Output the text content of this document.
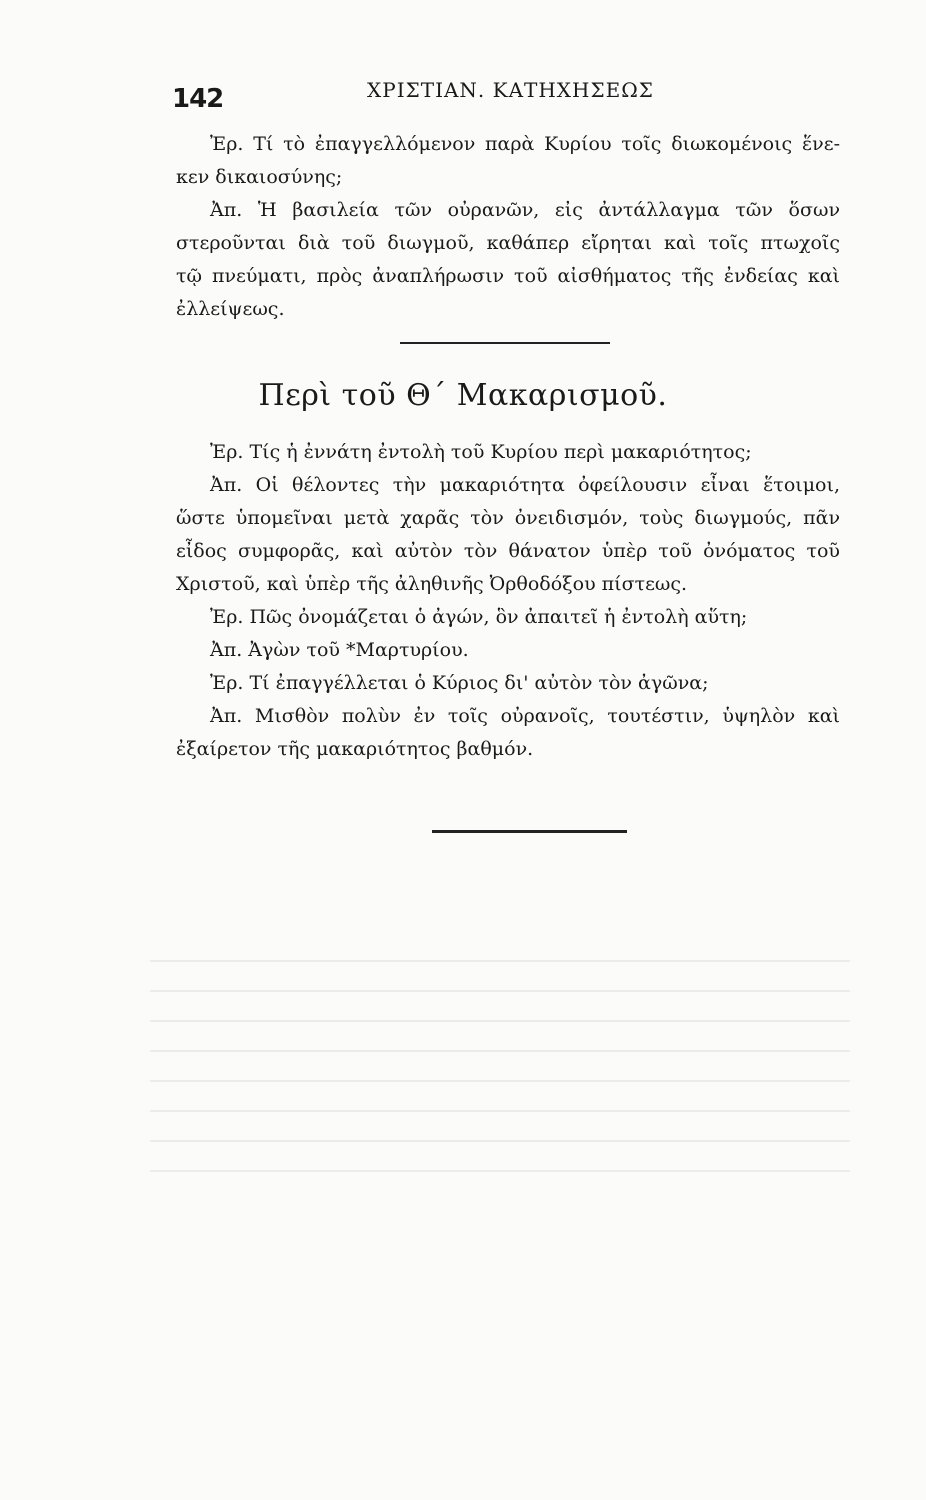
142	ΧΡΙΣΤΙΑΝ. ΚΑΤΗΧΗΣΕΩΣ
Ἐρ. Τί τὸ ἐπαγγελλόμενον παρὰ Κυρίου τοῖς διωκομένοις ἕνε-
κεν δικαιοσύνης;
Ἀπ. Ἡ βασιλεία τῶν οὐρανῶν, εἰς ἀντάλλαγμα τῶν ὅσων
στεροῦνται διὰ τοῦ διωγμοῦ, καθάπερ εἴρηται καὶ τοῖς πτωχοῖς
τῷ πνεύματι, πρὸς ἀναπλήρωσιν τοῦ αἰσθήματος τῆς ἐνδείας καὶ
ἐλλείψεως.
Περὶ τοῦ Θ΄ Μακαρισμοῦ.
Ἐρ. Τίς ἡ ἐννάτη ἐντολὴ τοῦ Κυρίου περὶ μακαριότητος;
Ἀπ. Οἱ θέλοντες τὴν μακαριότητα ὀφείλουσιν εἶναι ἕτοιμοι,
ὥστε ὑπομεῖναι μετὰ χαρᾶς τὸν ὀνειδισμόν, τοὺς διωγμούς, πᾶν
εἶδος συμφορᾶς, καὶ αὐτὸν τὸν θάνατον ὑπὲρ τοῦ ὀνόματος τοῦ
Χριστοῦ, καὶ ὑπὲρ τῆς ἀληθινῆς Ὀρθοδόξου πίστεως.
Ἐρ. Πῶς ὀνομάζεται ὁ ἀγών, ὃν ἀπαιτεῖ ἡ ἐντολὴ αὕτη;
Ἀπ. Ἀγὼν τοῦ *Μαρτυρίου.
Ἐρ. Τί ἐπαγγέλλεται ὁ Κύριος δι' αὐτὸν τὸν ἀγῶνα;
Ἀπ. Μισθὸν πολὺν ἐν τοῖς οὐρανοῖς, τουτέστιν, ὑψηλὸν καὶ
ἐξαίρετον τῆς μακαριότητος βαθμόν.
